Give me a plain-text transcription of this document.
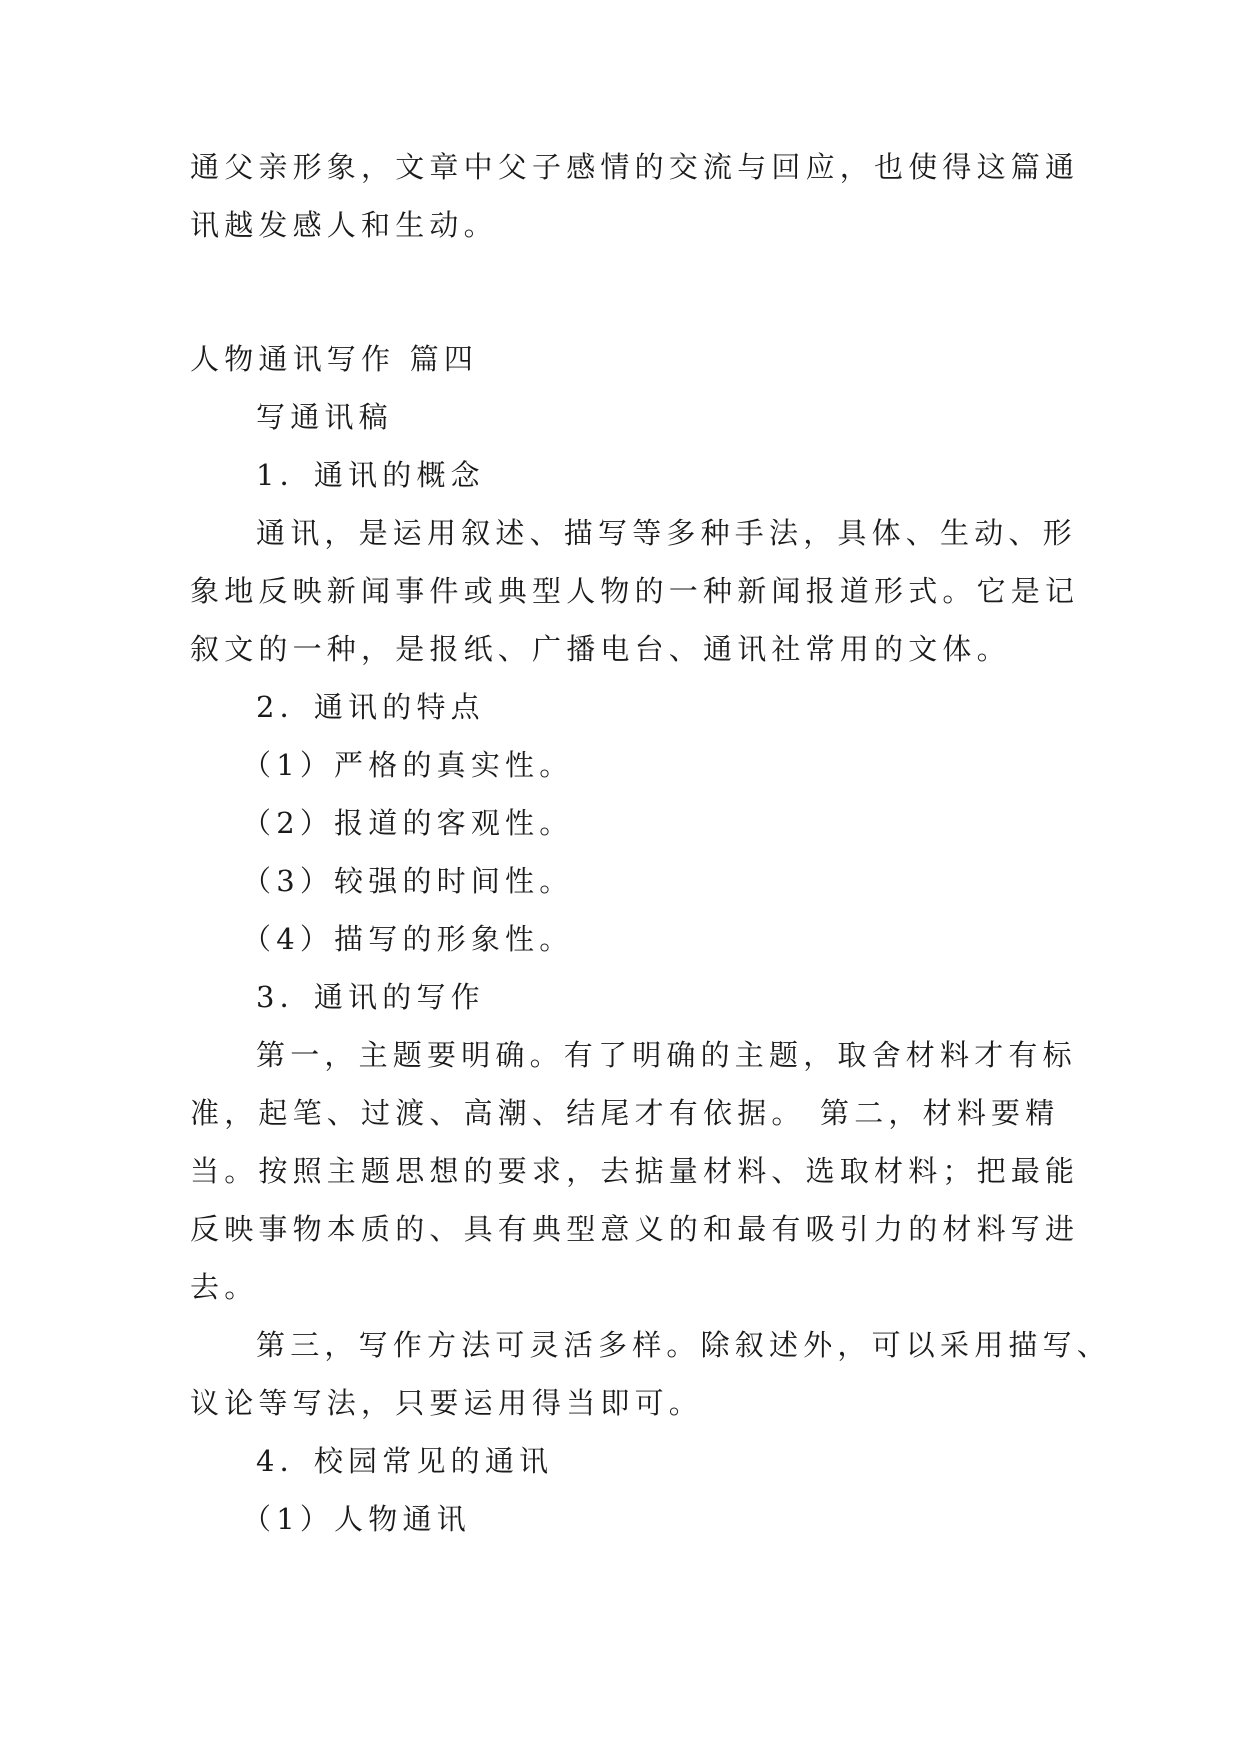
通父亲形象，文章中父子感情的交流与回应，也使得这篇通
讯越发感人和生动。
人物通讯写作 篇四
写通讯稿
1．通讯的概念
通讯，是运用叙述、描写等多种手法，具体、生动、形
象地反映新闻事件或典型人物的一种新闻报道形式。它是记
叙文的一种，是报纸、广播电台、通讯社常用的文体。
2．通讯的特点
（1）严格的真实性。
（2）报道的客观性。
（3）较强的时间性。
（4）描写的形象性。
3．通讯的写作
第一，主题要明确。有了明确的主题，取舍材料才有标
准，起笔、过渡、高潮、结尾才有依据。 第二，材料要精
当。按照主题思想的要求，去掂量材料、选取材料；把最能
反映事物本质的、具有典型意义的和最有吸引力的材料写进
去。
第三，写作方法可灵活多样。除叙述外，可以采用描写、
议论等写法，只要运用得当即可。
4．校园常见的通讯
（1）人物通讯
